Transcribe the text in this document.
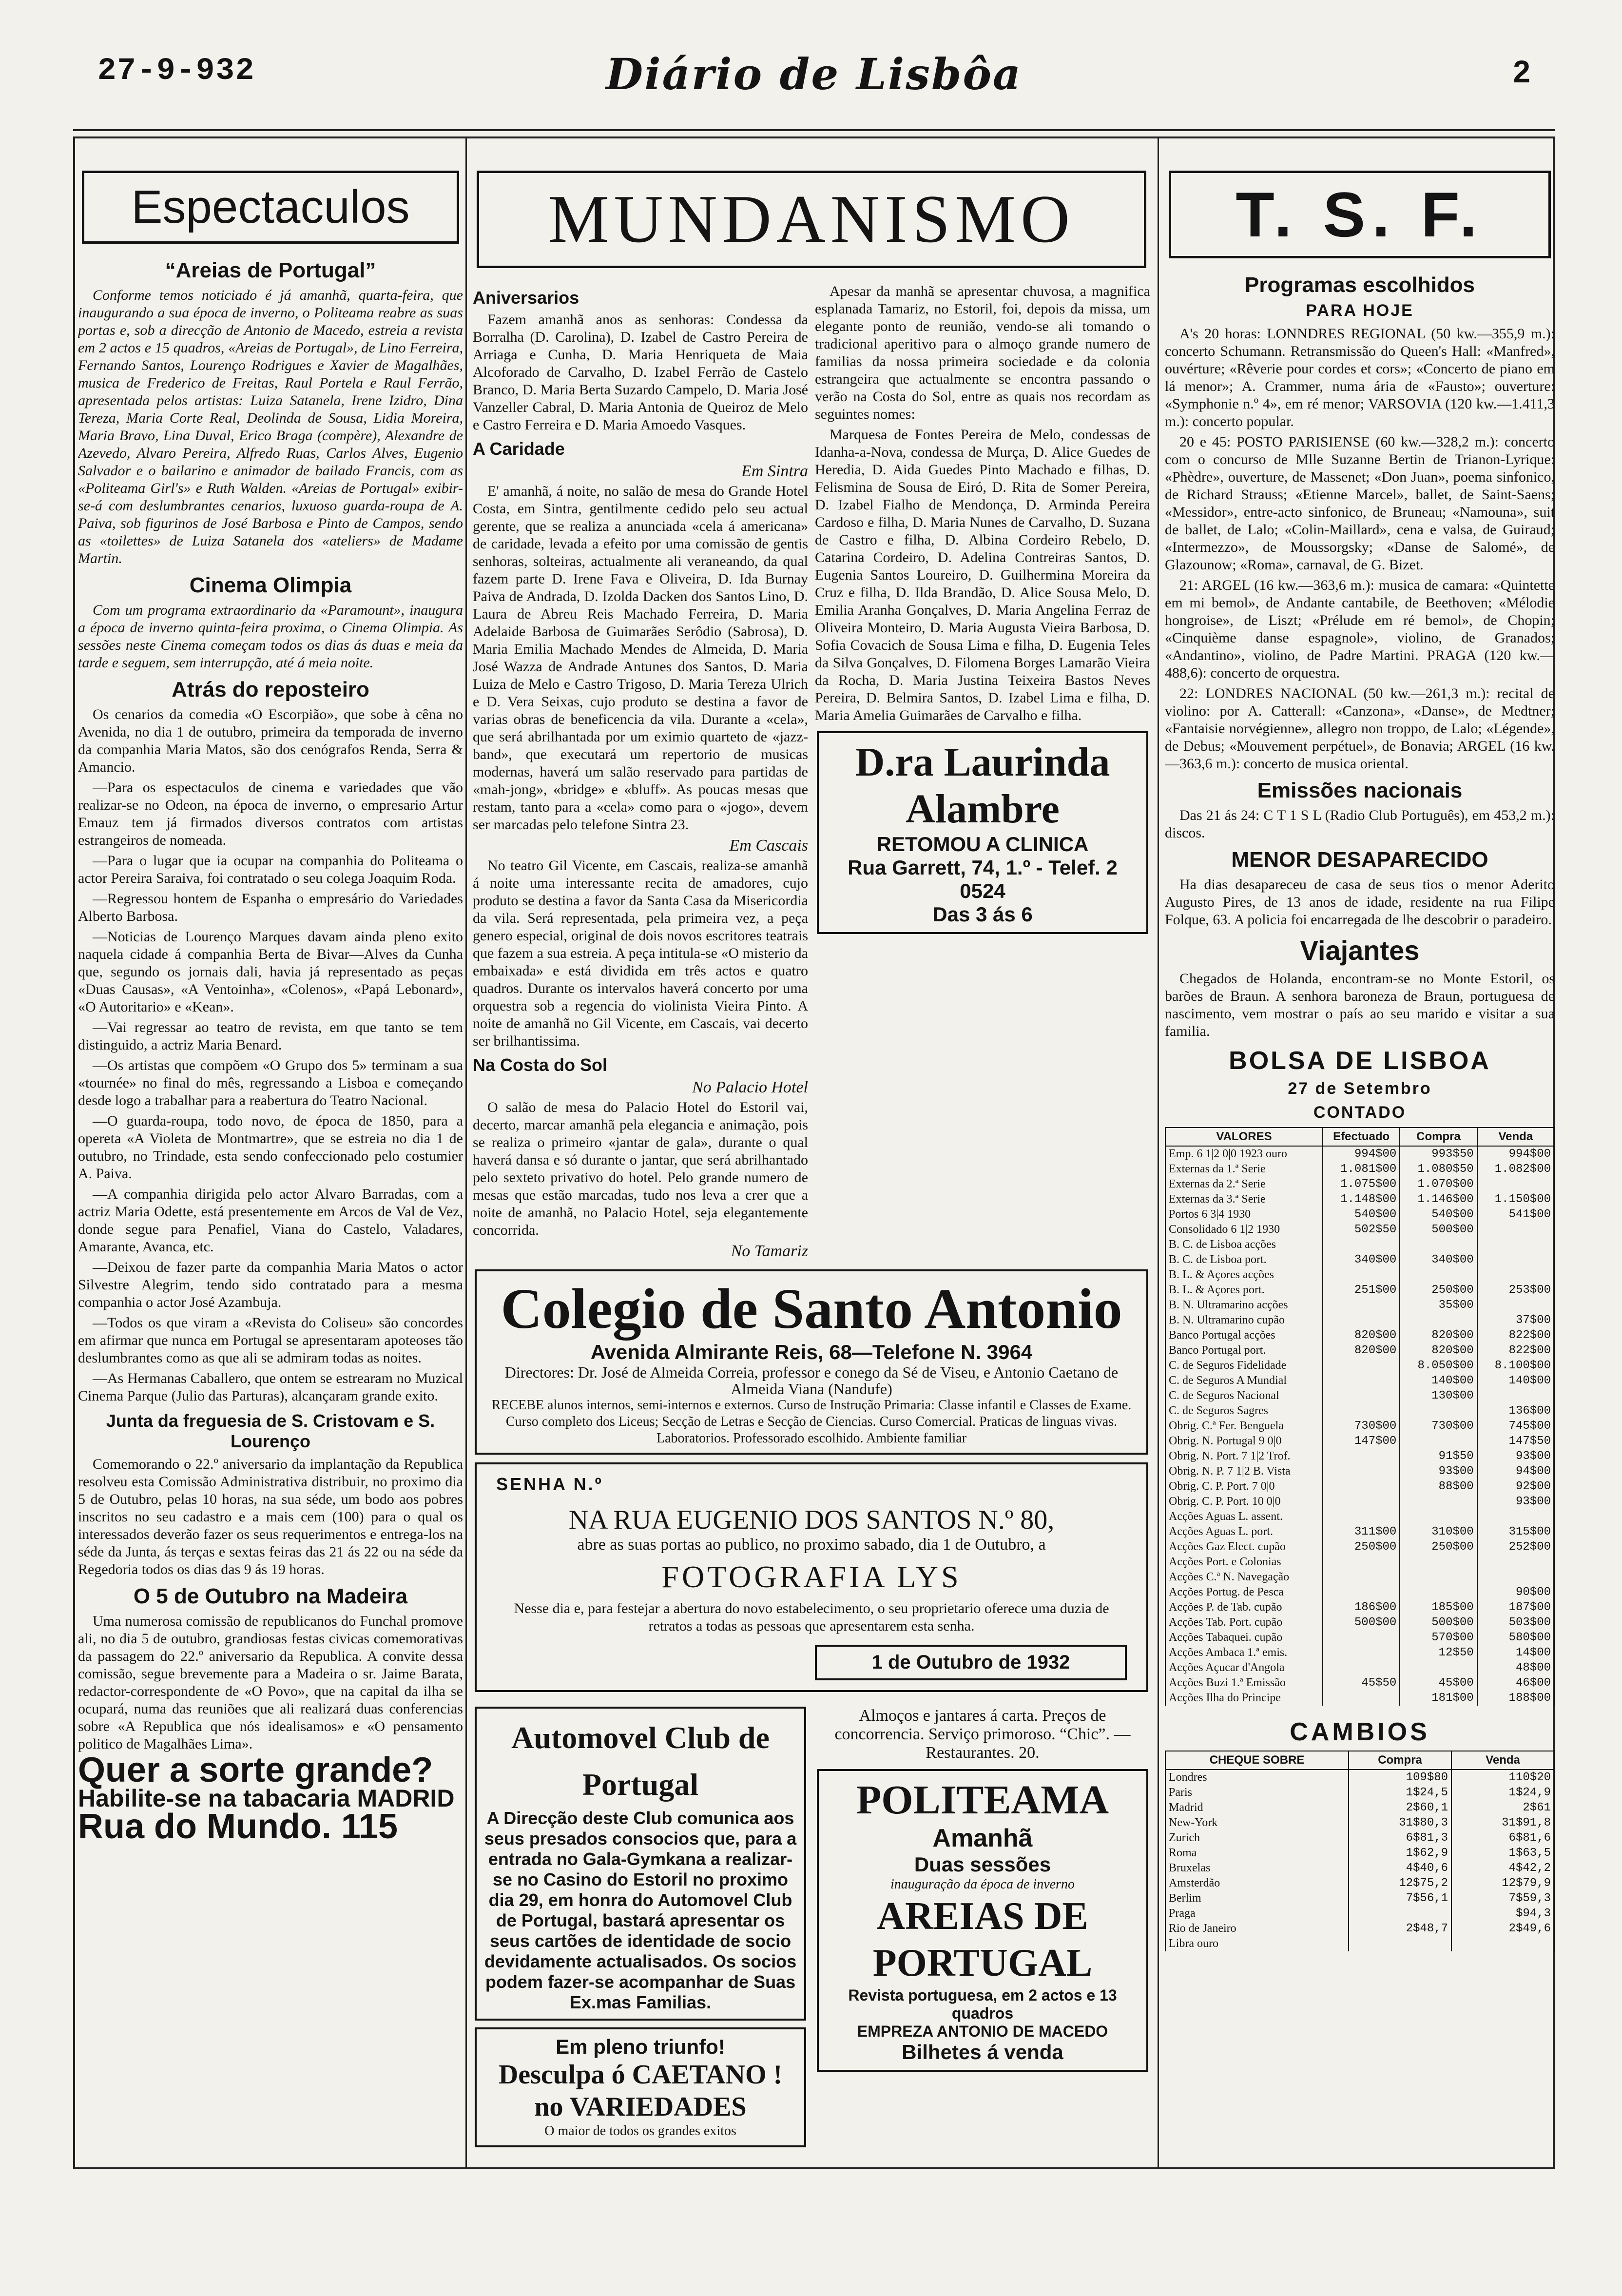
27-9-932	Diário de Lisbôa	2
Espectaculos
“Areias de Portugal”

Conforme temos noticiado é já amanhã, quarta-feira, que inaugurando a sua época de inverno, o Politeama reabre as suas portas e, sob a direcção de Antonio de Macedo, estreia a revista em 2 actos e 15 quadros, «Areias de Portugal», de Lino Ferreira, Fernando Santos, Lourenço Rodrigues e Xavier de Magalhães, musica de Frederico de Freitas, Raul Portela e Raul Ferrão, apresentada pelos artistas: Luiza Satanela, Irene Izidro, Dina Tereza, Maria Corte Real, Deolinda de Sousa, Lidia Moreira, Maria Bravo, Lina Duval, Erico Braga (compère), Alexandre de Azevedo, Alvaro Pereira, Alfredo Ruas, Carlos Alves, Eugenio Salvador e o bailarino e animador de bailado Francis, com as «Politeama Girl's» e Ruth Walden. «Areias de Portugal» exibir-se-á com deslumbrantes cenarios, luxuoso guarda-roupa de A. Paiva, sob figurinos de José Barbosa e Pinto de Campos, sendo as «toilettes» de Luiza Satanela dos «ateliers» de Madame Martin.

Cinema Olimpia

Com um programa extraordinario da «Paramount», inaugura a época de inverno quinta-feira proxima, o Cinema Olimpia. As sessões neste Cinema começam todos os dias ás duas e meia da tarde e seguem, sem interrupção, até á meia noite.

Atrás do reposteiro

Os cenarios da comedia «O Escorpião», que sobe à cêna no Avenida, no dia 1 de outubro, primeira da temporada de inverno da companhia Maria Matos, são dos cenógrafos Renda, Serra & Amancio.

—Para os espectaculos de cinema e variedades que vão realizar-se no Odeon, na época de inverno, o empresario Artur Emauz tem já firmados diversos contratos com artistas estrangeiros de nomeada.

—Para o lugar que ia ocupar na companhia do Politeama o actor Pereira Saraiva, foi contratado o seu colega Joaquim Roda.

—Regressou hontem de Espanha o empresário do Variedades Alberto Barbosa.

—Noticias de Lourenço Marques davam ainda pleno exito naquela cidade á companhia Berta de Bivar—Alves da Cunha que, segundo os jornais dali, havia já representado as peças «Duas Causas», «A Ventoinha», «Colenos», «Papá Lebonard», «O Autoritario» e «Kean».

—Vai regressar ao teatro de revista, em que tanto se tem distinguido, a actriz Maria Benard.

—Os artistas que compõem «O Grupo dos 5» terminam a sua «tournée» no final do mês, regressando a Lisboa e começando desde logo a trabalhar para a reabertura do Teatro Nacional.

—O guarda-roupa, todo novo, de época de 1850, para a opereta «A Violeta de Montmartre», que se estreia no dia 1 de outubro, no Trindade, esta sendo confeccionado pelo costumier A. Paiva.

—A companhia dirigida pelo actor Alvaro Barradas, com a actriz Maria Odette, está presentemente em Arcos de Val de Vez, donde segue para Penafiel, Viana do Castelo, Valadares, Amarante, Avanca, etc.

—Deixou de fazer parte da companhia Maria Matos o actor Silvestre Alegrim, tendo sido contratado para a mesma companhia o actor José Azambuja.

—Todos os que viram a «Revista do Coliseu» são concordes em afirmar que nunca em Portugal se apresentaram apoteoses tão deslumbrantes como as que ali se admiram todas as noites.

—As Hermanas Caballero, que ontem se estrearam no Muzical Cinema Parque (Julio das Parturas), alcançaram grande exito.

Junta da freguesia de S. Cristovam e S. Lourenço

Comemorando o 22.º aniversario da implantação da Republica resolveu esta Comissão Administrativa distribuir, no proximo dia 5 de Outubro, pelas 10 horas, na sua séde, um bodo aos pobres inscritos no seu cadastro e a mais cem (100) para o qual os interessados deverão fazer os seus requerimentos e entrega-los na séde da Junta, ás terças e sextas feiras das 21 ás 22 ou na séde da Regedoria todos os dias das 9 ás 19 horas.

O 5 de Outubro na Madeira

Uma numerosa comissão de republicanos do Funchal promove ali, no dia 5 de outubro, grandiosas festas civicas comemorativas da passagem do 22.º aniversario da Republica. A convite dessa comissão, segue brevemente para a Madeira o sr. Jaime Barata, redactor-correspondente de «O Povo», que na capital da ilha se ocupará, numa das reuniões que ali realizará duas conferencias sobre «A Republica que nós idealisamos» e «O pensamento politico de Magalhães Lima».

Quer a sorte grande?
Habilite-se na tabacaria MADRID
Rua do Mundo. 115
MUNDANISMO
Aniversarios

Fazem amanhã anos as senhoras: Condessa da Borralha (D. Carolina), D. Izabel de Castro Pereira de Arriaga e Cunha, D. Maria Henriqueta de Maia Alcoforado de Carvalho, D. Izabel Ferrão de Castelo Branco, D. Maria Berta Suzardo Campelo, D. Maria José Vanzeller Cabral, D. Maria Antonia de Queiroz de Melo e Castro Ferreira e D. Maria Amoedo Vasques.

A Caridade
Em Sintra

E' amanhã, á noite, no salão de mesa do Grande Hotel Costa, em Sintra, gentilmente cedido pelo seu actual gerente, que se realiza a anunciada «cela á americana» de caridade, levada a efeito por uma comissão de gentis senhoras, solteiras, actualmente ali veraneando, da qual fazem parte D. Irene Fava e Oliveira, D. Ida Burnay Paiva de Andrada, D. Izolda Dacken dos Santos Lino, D. Laura de Abreu Reis Machado Ferreira, D. Maria Adelaide Barbosa de Guimarães Serôdio (Sabrosa), D. Maria Emilia Machado Mendes de Almeida, D. Maria José Wazza de Andrade Antunes dos Santos, D. Maria Luiza de Melo e Castro Trigoso, D. Maria Tereza Ulrich e D. Vera Seixas, cujo produto se destina a favor de varias obras de beneficencia da vila. Durante a «cela», que será abrilhantada por um eximio quarteto de «jazz-band», que executará um repertorio de musicas modernas, haverá um salão reservado para partidas de «mah-jong», «bridge» e «bluff». As poucas mesas que restam, tanto para a «cela» como para o «jogo», devem ser marcadas pelo telefone Sintra 23.

Em Cascais

No teatro Gil Vicente, em Cascais, realiza-se amanhã á noite uma interessante recita de amadores, cujo produto se destina a favor da Santa Casa da Misericordia da vila. Será representada, pela primeira vez, a peça genero especial, original de dois novos escritores teatrais que fazem a sua estreia. A peça intitula-se «O misterio da embaixada» e está dividida em três actos e quatro quadros. Durante os intervalos haverá concerto por uma orquestra sob a regencia do violinista Vieira Pinto. A noite de amanhã no Gil Vicente, em Cascais, vai decerto ser brilhantissima.

Na Costa do Sol
No Palacio Hotel

O salão de mesa do Palacio Hotel do Estoril vai, decerto, marcar amanhã pela elegancia e animação, pois se realiza o primeiro «jantar de gala», durante o qual haverá dansa e só durante o jantar, que será abrilhantado pelo sexteto privativo do hotel. Pelo grande numero de mesas que estão marcadas, tudo nos leva a crer que a noite de amanhã, no Palacio Hotel, seja elegantemente concorrida.

No Tamariz

Apesar da manhã se apresentar chuvosa, a magnifica esplanada Tamariz, no Estoril, foi, depois da missa, um elegante ponto de reunião, vendo-se ali tomando o tradicional aperitivo para o almoço grande numero de familias da nossa primeira sociedade e da colonia estrangeira que actualmente se encontra passando o verão na Costa do Sol, entre as quais nos recordam as seguintes nomes:

Marquesa de Fontes Pereira de Melo, condessas de Idanha-a-Nova, condessa de Murça, D. Alice Guedes de Heredia, D. Aida Guedes Pinto Machado e filhas, D. Felismina de Sousa de Eiró, D. Rita de Somer Pereira, D. Izabel Fialho de Mendonça, D. Arminda Pereira Cardoso e filha, D. Maria Nunes de Carvalho, D. Suzana de Castro e filha, D. Albina Cordeiro Rebelo, D. Catarina Cordeiro, D. Adelina Contreiras Santos, D. Eugenia Santos Loureiro, D. Guilhermina Moreira da Cruz e filha, D. Ilda Brandão, D. Alice Sousa Melo, D. Emilia Aranha Gonçalves, D. Maria Angelina Ferraz de Oliveira Monteiro, D. Maria Augusta Vieira Barbosa, D. Sofia Covacich de Sousa Lima e filha, D. Eugenia Teles da Silva Gonçalves, D. Filomena Borges Lamarão Vieira da Rocha, D. Maria Justina Teixeira Bastos Neves Pereira, D. Belmira Santos, D. Izabel Lima e filha, D. Maria Amelia Guimarães de Carvalho e filha.

D.ra Laurinda Alambre
RETOMOU A CLINICA
Rua Garrett, 74, 1.º - Telef. 2 0524
Das 3 ás 6
Colegio de Santo Antonio
Avenida Almirante Reis, 68—Telefone N. 3964
Directores: Dr. José de Almeida Correia, professor e conego da Sé de Viseu, e Antonio Caetano de Almeida Viana (Nandufe)
RECEBE alunos internos, semi-internos e externos. Curso de Instrução Primaria: Classe infantil e Classes de Exame. Curso completo dos Liceus; Secção de Letras e Secção de Ciencias. Curso Comercial. Praticas de linguas vivas. Laboratorios. Professorado escolhido. Ambiente familiar
SENHA N.º
NA RUA EUGENIO DOS SANTOS N.º 80,
abre as suas portas ao publico, no proximo sabado, dia 1 de Outubro, a
FOTOGRAFIA LYS
Nesse dia e, para festejar a abertura do novo estabelecimento, o seu proprietario oferece uma duzia de retratos a todas as pessoas que apresentarem esta senha.
1 de Outubro de 1932
Automovel Club de Portugal
A Direcção deste Club comunica aos seus presados consocios que, para a entrada no Gala-Gymkana a realizar-se no Casino do Estoril no proximo dia 29, em honra do Automovel Club de Portugal, bastará apresentar os seus cartões de identidade de socio devidamente actualisados. Os socios podem fazer-se acompanhar de Suas Ex.mas Familias.
Em pleno triunfo!
Desculpa ó CAETANO !
no VARIEDADES
O maior de todos os grandes exitos
Almoços e jantares á carta. Preços de concorrencia. Serviço primoroso. “Chic”. — Restaurantes. 20.
POLITEAMA
Amanhã
Duas sessões
inauguração da época de inverno
AREIAS DE PORTUGAL
Revista portuguesa, em 2 actos e 13 quadros
EMPREZA ANTONIO DE MACEDO
Bilhetes á venda
T. S. F.
Programas escolhidos
PARA HOJE

A's 20 horas: LONNDRES REGIONAL (50 kw.—355,9 m.): concerto Schumann. Retransmissão do Queen's Hall: «Manfred», ouvérture; «Rêverie pour cordes et cors»; «Concerto de piano em lá menor»; A. Crammer, numa ária de «Fausto»; ouverture: «Symphonie n.º 4», em ré menor; VARSOVIA (120 kw.—1.411,3 m.): concerto popular.

20 e 45: POSTO PARISIENSE (60 kw.—328,2 m.): concerto com o concurso de Mlle Suzanne Bertin de Trianon-Lyrique: «Phèdre», ouverture, de Massenet; «Don Juan», poema sinfonico, de Richard Strauss; «Etienne Marcel», ballet, de Saint-Saens; «Messidor», entre-acto sinfonico, de Bruneau; «Namouna», suit de ballet, de Lalo; «Colin-Maillard», cena e valsa, de Guiraud; «Intermezzo», de Moussorgsky; «Danse de Salomé», de Glazounow; «Roma», carnaval, de G. Bizet.

21: ARGEL (16 kw.—363,6 m.): musica de camara: «Quintette em mi bemol», de Andante cantabile, de Beethoven; «Mélodie hongroise», de Liszt; «Prélude em ré bemol», de Chopin; «Cinquième danse espagnole», violino, de Granados; «Andantino», violino, de Padre Martini. PRAGA (120 kw.—488,6): concerto de orquestra.

22: LONDRES NACIONAL (50 kw.—261,3 m.): recital de violino: por A. Catterall: «Canzona», «Danse», de Medtner; «Fantaisie norvégienne», allegro non troppo, de Lalo; «Légende», de Debus; «Mouvement perpétuel», de Bonavia; ARGEL (16 kw.—363,6 m.): concerto de musica oriental.

Emissões nacionais

Das 21 ás 24: C T 1 S L (Radio Club Português), em 453,2 m.): discos.

MENOR DESAPARECIDO

Ha dias desapareceu de casa de seus tios o menor Aderito Augusto Pires, de 13 anos de idade, residente na rua Filipe Folque, 63. A policia foi encarregada de lhe descobrir o paradeiro.

Viajantes

Chegados de Holanda, encontram-se no Monte Estoril, os barões de Braun. A senhora baroneza de Braun, portuguesa de nascimento, vem mostrar o país ao seu marido e visitar a sua familia.

BOLSA DE LISBOA
27 de Setembro
CONTADO
VALORES	Efectuado	Compra	Venda
Emp. 6 1|2 0|0 1923 ouro	994$00	993$50	994$00
Externas da 1.ª Serie	1.081$00	1.080$50	1.082$00
Externas da 2.ª Serie	1.075$00	1.070$00	
Externas da 3.ª Serie	1.148$00	1.146$00	1.150$00
Portos 6 3|4 1930	540$00	540$00	541$00
Consolidado 6 1|2 1930	502$50	500$00	
B. C. de Lisboa acções			
B. C. de Lisboa port.	340$00	340$00	
B. L. & Açores acções			
B. L. & Açores port.	251$00	250$00	253$00
B. N. Ultramarino acções		35$00	
B. N. Ultramarino cupão			37$00
Banco Portugal acções	820$00	820$00	822$00
Banco Portugal port.	820$00	820$00	822$00
C. de Seguros Fidelidade		8.050$00	8.100$00
C. de Seguros A Mundial		140$00	140$00
C. de Seguros Nacional		130$00	
C. de Seguros Sagres			136$00
Obrig. C.ª Fer. Benguela	730$00	730$00	745$00
Obrig. N. Portugal 9 0|0	147$00		147$50
Obrig. N. Port. 7 1|2 Trof.		91$50	93$00
Obrig. N. P. 7 1|2 B. Vista		93$00	94$00
Obrig. C. P. Port. 7 0|0		88$00	92$00
Obrig. C. P. Port. 10 0|0			93$00
Acções Aguas L. assent.			
Acções Aguas L. port.	311$00	310$00	315$00
Acções Gaz Elect. cupão	250$00	250$00	252$00
Acções Port. e Colonias			
Acções C.ª N. Navegação			
Acções Portug. de Pesca			90$00
Acções P. de Tab. cupão	186$00	185$00	187$00
Acções Tab. Port. cupão	500$00	500$00	503$00
Acções Tabaquei. cupão		570$00	580$00
Acções Ambaca 1.ª emis.		12$50	14$00
Acções Açucar d'Angola			48$00
Acções Buzi 1.ª Emissão	45$50	45$00	46$00
Acções Ilha do Principe		181$00	188$00
CAMBIOS
CHEQUE SOBRE	Compra	Venda
Londres	109$80	110$20
Paris	1$24,5	1$24,9
Madrid	2$60,1	2$61
New-York	31$80,3	31$91,8
Zurich	6$81,3	6$81,6
Roma	1$62,9	1$63,5
Bruxelas	4$40,6	4$42,2
Amsterdão	12$75,2	12$79,9
Berlim	7$56,1	7$59,3
Praga		$94,3
Rio de Janeiro	2$48,7	2$49,6
Libra ouro		
